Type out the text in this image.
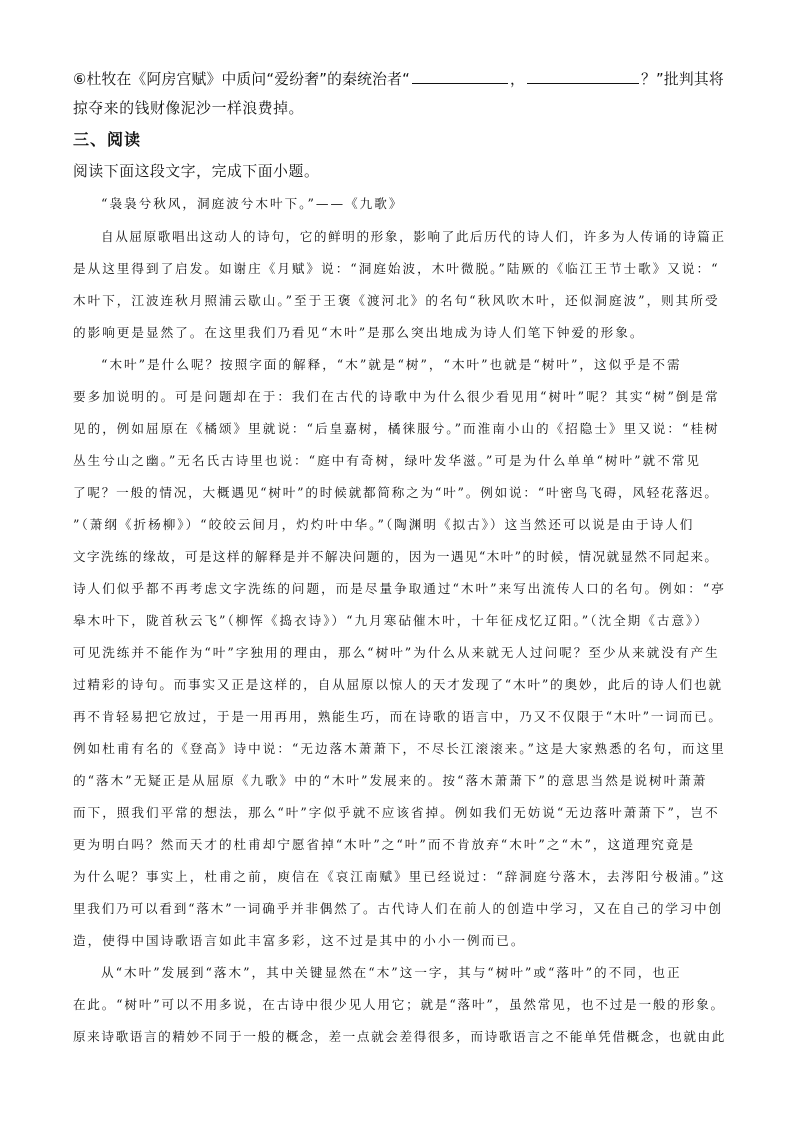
⑥杜牧在《阿房宫赋》中质问“爱纷奢”的秦统治者“	，	？”批判其将
掠夺来的钱财像泥沙一样浪费掉。
三、阅读
阅读下面这段文字，完成下面小题。
“袅袅兮秋风，洞庭波兮木叶下。”——《九歌》
自从屈原歌唱出这动人的诗句，它的鲜明的形象，影响了此后历代的诗人们，许多为人传诵的诗篇正
是从这里得到了启发。如谢庄《月赋》说：“洞庭始波，木叶微脱。”陆厥的《临江王节士歌》又说：“
木叶下，江波连秋月照浦云歇山。”至于王褒《渡河北》的名句“秋风吹木叶，还似洞庭波”，则其所受
的影响更是显然了。在这里我们乃看见“木叶”是那么突出地成为诗人们笔下钟爱的形象。
“木叶”是什么呢？按照字面的解释，“木”就是“树”，“木叶”也就是“树叶”，这似乎是不需
要多加说明的。可是问题却在于：我们在古代的诗歌中为什么很少看见用“树叶”呢？其实“树”倒是常
见的，例如屈原在《橘颂》里就说：“后皇嘉树，橘徕服兮。”而淮南小山的《招隐士》里又说：“桂树
丛生兮山之幽。”无名氏古诗里也说：“庭中有奇树，绿叶发华滋。”可是为什么单单“树叶”就不常见
了呢？一般的情况，大概遇见“树叶”的时候就都简称之为“叶”。例如说：“叶密鸟飞碍，风轻花落迟。
”（萧纲《折杨柳》）“皎皎云间月，灼灼叶中华。”（陶渊明《拟古》）这当然还可以说是由于诗人们
文字洗练的缘故，可是这样的解释是并不解决问题的，因为一遇见“木叶”的时候，情况就显然不同起来。
诗人们似乎都不再考虑文字洗练的问题，而是尽量争取通过“木叶”来写出流传人口的名句。例如：“亭
皋木叶下，陇首秋云飞”（柳恽《捣衣诗》）“九月寒砧催木叶，十年征戍忆辽阳。”（沈全期《古意》）
可见洗练并不能作为“叶”字独用的理由，那么“树叶”为什么从来就无人过问呢？至少从来就没有产生
过精彩的诗句。而事实又正是这样的，自从屈原以惊人的天才发现了“木叶”的奥妙，此后的诗人们也就
再不肯轻易把它放过，于是一用再用，熟能生巧，而在诗歌的语言中，乃又不仅限于“木叶”一词而已。
例如杜甫有名的《登高》诗中说：“无边落木萧萧下，不尽长江滚滚来。”这是大家熟悉的名句，而这里
的“落木”无疑正是从屈原《九歌》中的“木叶”发展来的。按“落木萧萧下”的意思当然是说树叶萧萧
而下，照我们平常的想法，那么“叶”字似乎就不应该省掉。例如我们无妨说“无边落叶萧萧下”，岂不
更为明白吗？然而天才的杜甫却宁愿省掉“木叶”之“叶”而不肯放弃“木叶”之“木”，这道理究竟是
为什么呢？事实上，杜甫之前，庾信在《哀江南赋》里已经说过：“辞洞庭兮落木，去涔阳兮极浦。”这
里我们乃可以看到“落木”一词确乎并非偶然了。古代诗人们在前人的创造中学习，又在自己的学习中创
造，使得中国诗歌语言如此丰富多彩，这不过是其中的小小一例而已。
从“木叶”发展到“落木”，其中关键显然在“木”这一字，其与“树叶”或“落叶”的不同，也正
在此。“树叶”可以不用多说，在古诗中很少见人用它；就是“落叶”，虽然常见，也不过是一般的形象。
原来诗歌语言的精妙不同于一般的概念，差一点就会差得很多，而诗歌语言之不能单凭借概念，也就由此
